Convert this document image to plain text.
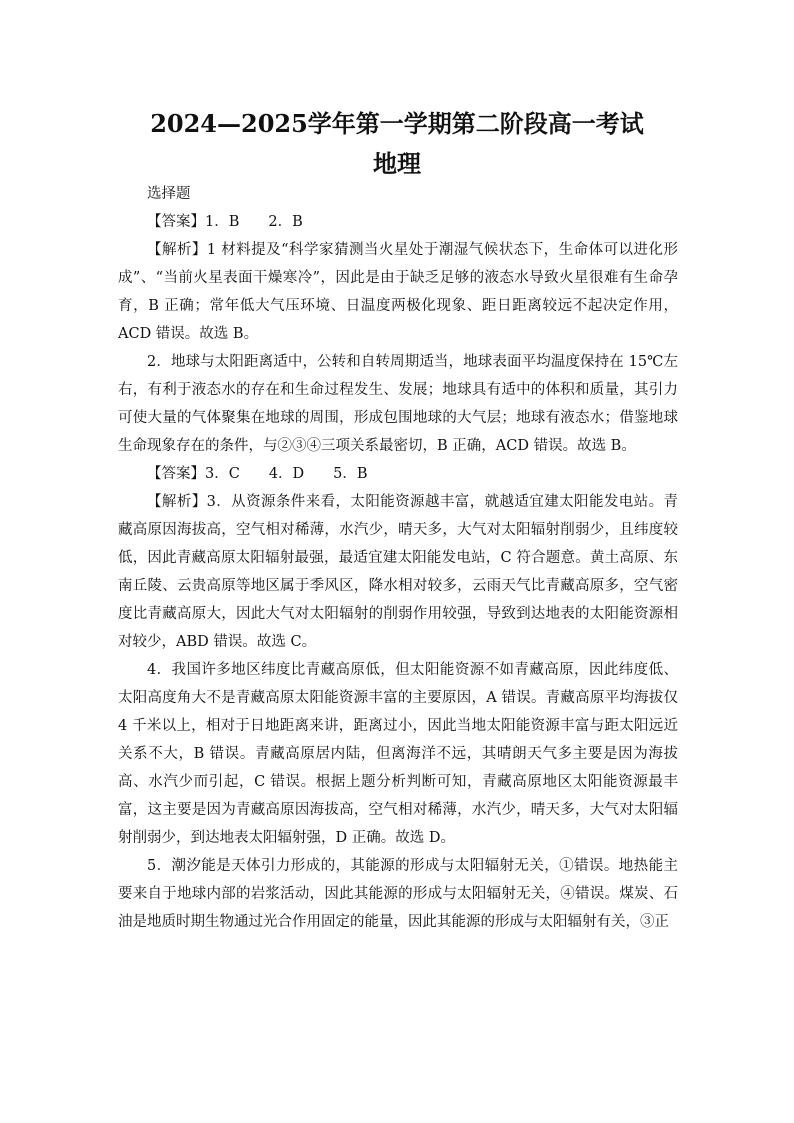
2024—2025学年第一学期第二阶段高一考试
地理

选择题

【答案】1．B　　2．B

【解析】1 材料提及“科学家猜测当火星处于潮湿气候状态下，生命体可以进化形成”、“当前火星表面干燥寒冷”，因此是由于缺乏足够的液态水导致火星很难有生命孕育，B 正确；常年低大气压环境、日温度两极化现象、距日距离较远不起决定作用，ACD 错误。故选 B。

2．地球与太阳距离适中，公转和自转周期适当，地球表面平均温度保持在 15℃左右，有利于液态水的存在和生命过程发生、发展；地球具有适中的体积和质量，其引力可使大量的气体聚集在地球的周围，形成包围地球的大气层；地球有液态水；借鉴地球生命现象存在的条件，与②③④三项关系最密切，B 正确，ACD 错误。故选 B。

【答案】3．C　　4．D　　5．B

【解析】3．从资源条件来看，太阳能资源越丰富，就越适宜建太阳能发电站。青藏高原因海拔高，空气相对稀薄，水汽少，晴天多，大气对太阳辐射削弱少，且纬度较低，因此青藏高原太阳辐射最强，最适宜建太阳能发电站，C 符合题意。黄土高原、东南丘陵、云贵高原等地区属于季风区，降水相对较多，云雨天气比青藏高原多，空气密度比青藏高原大，因此大气对太阳辐射的削弱作用较强，导致到达地表的太阳能资源相对较少，ABD 错误。故选 C。

4．我国许多地区纬度比青藏高原低，但太阳能资源不如青藏高原，因此纬度低、太阳高度角大不是青藏高原太阳能资源丰富的主要原因，A 错误。青藏高原平均海拔仅 4 千米以上，相对于日地距离来讲，距离过小，因此当地太阳能资源丰富与距太阳远近关系不大，B 错误。青藏高原居内陆，但离海洋不远，其晴朗天气多主要是因为海拔高、水汽少而引起，C 错误。根据上题分析判断可知，青藏高原地区太阳能资源最丰富，这主要是因为青藏高原因海拔高，空气相对稀薄，水汽少，晴天多，大气对太阳辐射削弱少，到达地表太阳辐射强，D 正确。故选 D。

5．潮汐能是天体引力形成的，其能源的形成与太阳辐射无关，①错误。地热能主要来自于地球内部的岩浆活动，因此其能源的形成与太阳辐射无关，④错误。煤炭、石油是地质时期生物通过光合作用固定的能量，因此其能源的形成与太阳辐射有关，③正
